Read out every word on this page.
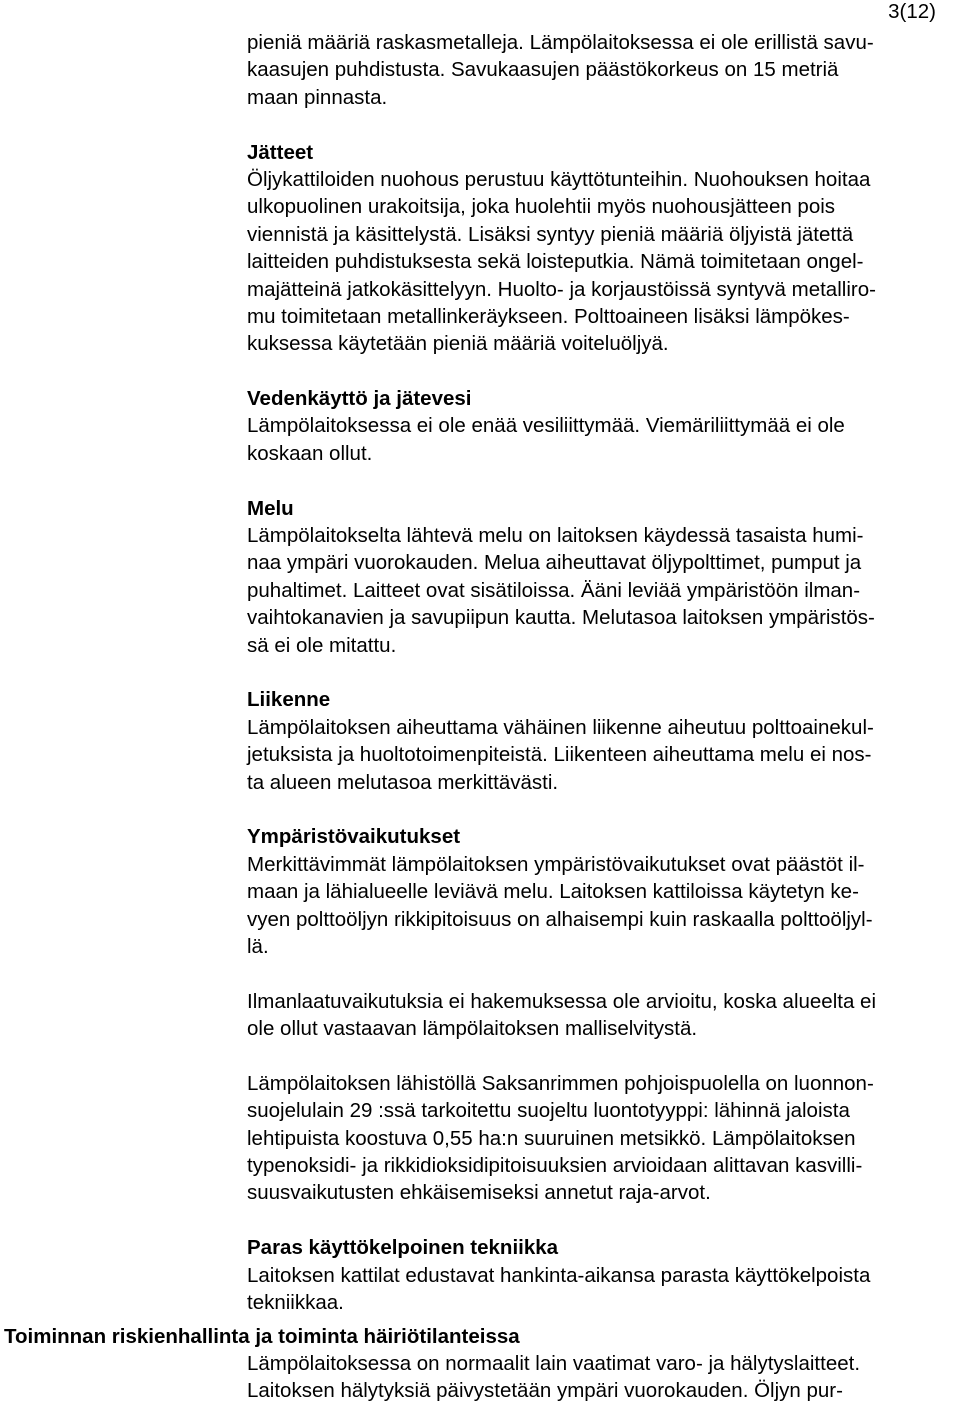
3(12)
pieniä määriä raskasmetalleja. Lämpölaitoksessa ei ole erillistä savu-
kaasujen puhdistusta. Savukaasujen päästökorkeus on 15 metriä
maan pinnasta.
Jätteet
Öljykattiloiden nuohous perustuu käyttötunteihin. Nuohouksen hoitaa
ulkopuolinen urakoitsija, joka huolehtii myös nuohousjätteen pois
viennistä ja käsittelystä. Lisäksi syntyy pieniä määriä öljyistä jätettä
laitteiden puhdistuksesta sekä loisteputkia. Nämä toimitetaan ongel-
majätteinä jatkokäsittelyyn. Huolto- ja korjaustöissä syntyvä metalliro-
mu toimitetaan metallinkeräykseen. Polttoaineen lisäksi lämpökes-
kuksessa käytetään pieniä määriä voiteluöljyä.
Vedenkäyttö ja jätevesi
Lämpölaitoksessa ei ole enää vesiliittymää. Viemäriliittymää ei ole
koskaan ollut.
Melu
Lämpölaitokselta lähtevä melu on laitoksen käydessä tasaista humi-
naa ympäri vuorokauden. Melua aiheuttavat öljypolttimet, pumput ja
puhaltimet. Laitteet ovat sisätiloissa. Ääni leviää ympäristöön ilman-
vaihtokanavien ja savupiipun kautta. Melutasoa laitoksen ympäristös-
sä ei ole mitattu.
Liikenne
Lämpölaitoksen aiheuttama vähäinen liikenne aiheutuu polttoainekul-
jetuksista ja huoltotoimenpiteistä. Liikenteen aiheuttama melu ei nos-
ta alueen melutasoa merkittävästi.
Ympäristövaikutukset
Merkittävimmät lämpölaitoksen ympäristövaikutukset ovat päästöt il-
maan ja lähialueelle leviävä melu. Laitoksen kattiloissa käytetyn ke-
vyen polttoöljyn rikkipitoisuus on alhaisempi kuin raskaalla polttoöljyl-
lä.
Ilmanlaatuvaikutuksia ei hakemuksessa ole arvioitu, koska alueelta ei
ole ollut vastaavan lämpölaitoksen malliselvitystä.
Lämpölaitoksen lähistöllä Saksanrimmen pohjoispuolella on luonnon-
suojelulain 29 :ssä tarkoitettu suojeltu luontotyyppi: lähinnä jaloista
lehtipuista koostuva 0,55 ha:n suuruinen metsikkö. Lämpölaitoksen
typenoksidi- ja rikkidioksidipitoisuuksien arvioidaan alittavan kasvilli-
suusvaikutusten ehkäisemiseksi annetut raja-arvot.
Paras käyttökelpoinen tekniikka
Laitoksen kattilat edustavat hankinta-aikansa parasta käyttökelpoista
tekniikkaa.
Toiminnan riskienhallinta ja toiminta häiriötilanteissa
Lämpölaitoksessa on normaalit lain vaatimat varo- ja hälytyslaitteet.
Laitoksen hälytyksiä päivystetään ympäri vuorokauden. Öljyn pur-
